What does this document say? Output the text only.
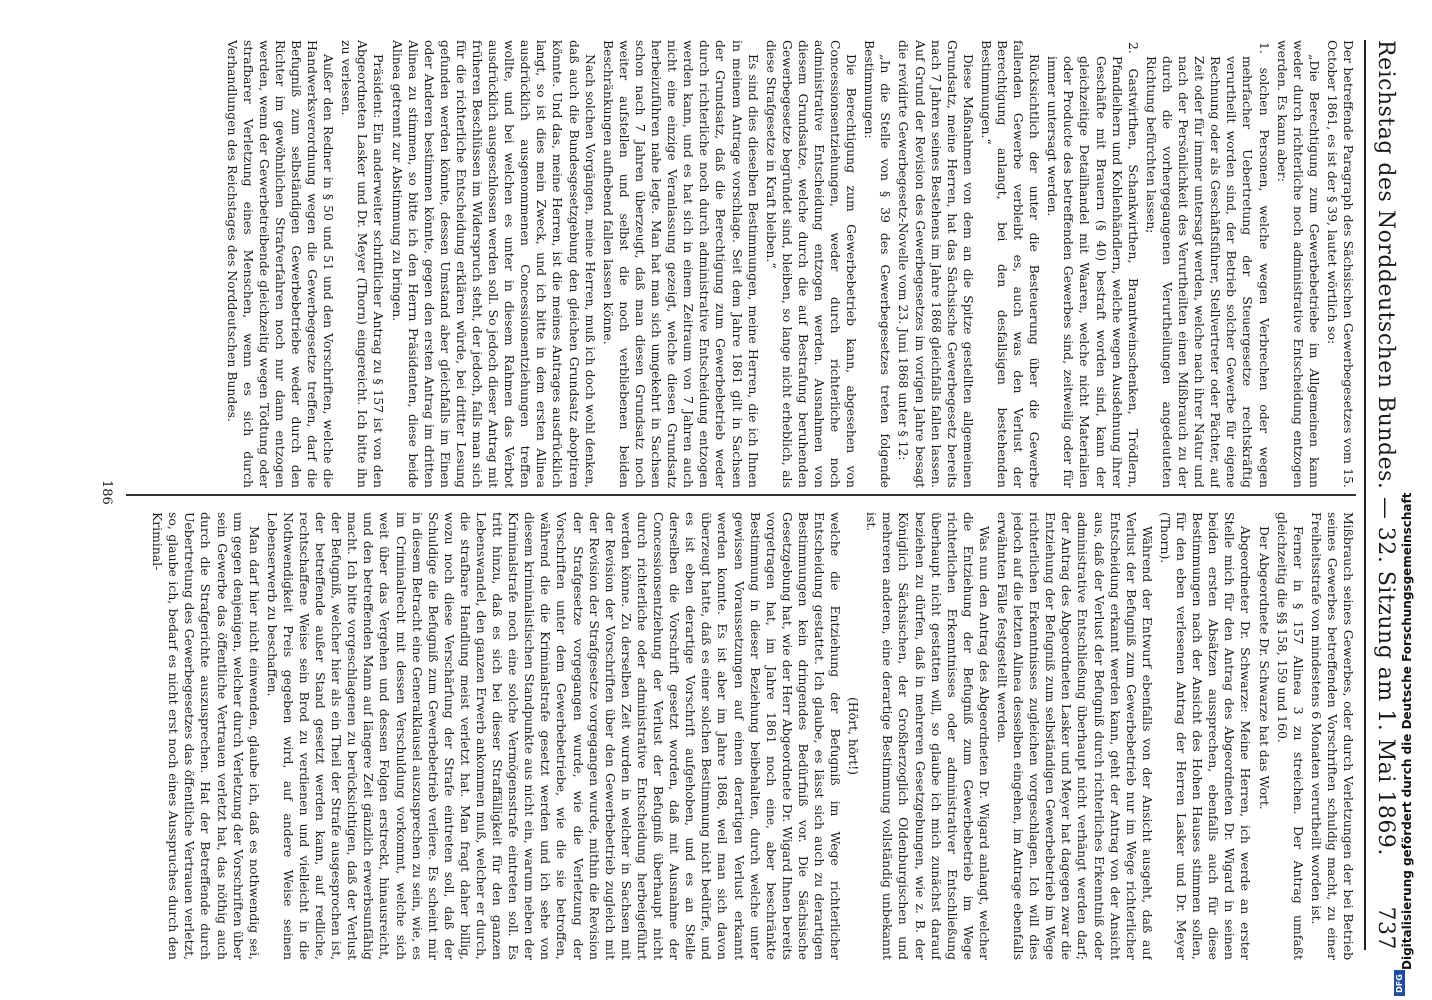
Reichstag des Norddeutschen Bundes. — 32. Sitzung am 1. Mai 1869.
737

Der betreffende Paragraph des Sächsischen Gewerbegesetzes vom 15. October 1861, es ist der § 39, lautet wörtlich so:

„Die Berechtigung zum Gewerbebetriebe im Allgemeinen kann weder durch richterliche noch administrative Entscheidung entzogen werden. Es kann aber:

1. solchen Personen, welche wegen Verbrechen oder wegen mehrfacher Uebertretung der Steuergesetze rechtskräftig verurtheilt worden sind, der Betrieb solcher Gewerbe für eigene Rechnung oder als Geschäftsführer, Stellvertreter oder Pächter, auf Zeit oder für immer untersagt werden, welche nach ihrer Natur und nach der Persönlichkeit des Verurtheilten einen Mißbrauch zu der durch die vorhergegangenen Verurtheilungen angedeuteten Richtung befürchten lassen;

2. Gastwirthen, Schankwirthen, Branntweinschenken, Trödlern, Pfandleihern und Kohlenhändlern, welche wegen Ausdehnung ihrer Geschäfte mit Brauern (§ 40) bestraft worden sind, kann der gleichzeitige Detailhandel mit Waaren, welche nicht Materialien oder Producte des betreffenden Gewerbes sind, zeitweilig oder für immer untersagt werden.

Rücksichtlich der unter die Besteuerung über die Gewerbe fallenden Gewerbe verbleibt es, auch was den Verlust der Berechtigung anlangt, bei den desfallsigen bestehenden Bestimmungen.“

Diese Maßnahmen von dem an die Spitze gestellten allgemeinen Grundsatz, meine Herren, hat das Sächsische Gewerbegesetz bereits nach 7 Jahren seines Bestehens im Jahre 1868 gleichfalls fallen lassen. Auf Grund der Revision des Gewerbegesetzes im vorigen Jahre besagt die revidirte Gewerbegesetz-Novelle vom 23. Juni 1868 unter § 12:

„In die Stelle von § 39 des Gewerbegesetzes treten folgende Bestimmungen:

Die Berechtigung zum Gewerbebetrieb kann, abgesehen von Concessionsentziehungen, weder durch richterliche noch administrative Entscheidung entzogen werden. Ausnahmen von diesem Grundsatze, welche durch die auf Bestrafung beruhenden Gewerbegesetze begründet sind, bleiben, so lange nicht erheblich, als diese Strafgesetze in Kraft bleiben.“

Es sind dies dieselben Bestimmungen, meine Herren, die ich Ihnen in meinem Antrage vorschlage. Seit dem Jahre 1861 gilt in Sachsen der Grundsatz, daß die Berechtigung zum Gewerbebetrieb weder durch richterliche noch durch administrative Entscheidung entzogen werden kann, und es hat sich in einem Zeitraum von 7 Jahren auch nicht eine einzige Veranlassung gezeigt, welche diesen Grundsatz herbeizuführen nahe legte. Man hat man sich umgekehrt in Sachsen schon nach 7 Jahren überzeugt, daß man diesen Grundsatz noch weiter aufstellen und selbst die noch verbliebenen beiden Beschränkungen aufhebend fallen lassen könne.

Nach solchen Vorgängen, meine Herren, muß ich doch wohl denken, daß auch die Bundesgesetzgebung den gleichen Grundsatz aboptiren könnte. Und das, meine Herren, ist die meines Antrages ausdrücklich langt, so ist dies mein Zweck, und ich bitte in dem ersten Alinea ausdrücklich ausgenommenen Concessionsentziehungen treffen wollte, und bei welchen es unter in diesem Rahmen das Verbot ausdrücklich ausgeschlossen werden soll. So jedoch dieser Antrag mit früheren Beschlüssen im Widerspruch steht, der jedoch, falls man sich für die richterliche Entscheidung erklären würde, bei dritter Lesung gefunden werden könnte, dessen Umstand aber gleichfalls im Einen oder Anderen bestimmen könnte, gegen den ersten Antrag im dritten Alinea zu stimmen, so bitte ich den Herrn Präsidenten, diese beide Alinea getrennt zur Abstimmung zu bringen.

Präsident: Ein anderweiter schriftlicher Antrag zu § 157 ist von den Abgeordneten Lasker und Dr. Meyer (Thorn) eingereicht. Ich bitte ihn zu verlesen.

Außer den Redner in § 50 und 51 und den Vorschriften, welche die Handwerksverordnung wegen die Gewerbegesetze treffen, darf die Befugniß zum selbständigen Gewerbebetriebe weder durch den Richter im gewöhnlichen Strafverfahren noch nur dann entzogen werden, wenn der Gewerbetreibende gleichzeitig wegen Tödtung oder strafbarer Verletzung eines Menschen, wenn es sich durch Verhandlungen des Reichstages des Norddeutschen Bundes.

Mißbrauch seines Gewerbes, oder durch Verletzungen der bei Betrieb seines Gewerbes betreffenden Vorschriften schuldig macht, zu einer Freiheitsstrafe von mindestens 6 Monaten verurtheilt worden ist.

Ferner in § 157 Alinea 3 zu streichen. Der Antrag umfaßt gleichzeitig die §§ 158, 159 und 160.

Der Abgeordnete Dr. Schwarze hat das Wort.

Abgeordneter Dr. Schwarze: Meine Herren, ich werde an erster Stelle mich für den Antrag des Abgeordneten Dr. Wigard in seinen beiden ersten Absätzen aussprechen, ebenfalls auch für diese Bestimmungen nach der Ansicht des Hohen Hauses stimmen sollen, für den eben verlesenen Antrag der Herren Lasker und Dr. Meyer (Thorn).

Während der Entwurf ebenfalls von der Ansicht ausgeht, daß auf Verlust der Befugniß zum Gewerbebetrieb nur im Wege richterlicher Entscheidung erkannt werden kann, geht der Antrag von der Ansicht aus, daß der Verlust der Befugniß durch richterliches Erkenntniß oder administrative Entschließung überhaupt nicht verhängt werden darf; der Antrag des Abgeordneten Lasker und Meyer hat dagegen zwar die Entziehung der Befugniß zum selbständigen Gewerbebetrieb im Wege richterlichen Erkenntnisses zugleichen vorgeschlagen. Ich will dies jedoch auf die letzten Alinea desselben eingehen, im Antrage ebenfalls erwähnten Fälle festgestellt werden.

Was nun den Antrag des Abgeordneten Dr. Wigard anlangt, welcher die Entziehung der Befugniß zum Gewerbebetrieb im Wege richterlichen Erkenntnisses oder administrativer Entschließung überhaupt nicht gestatten will, so glaube ich mich zunächst darauf beziehen zu dürfen, daß in mehreren Gesetzgebungen, wie z. B. der Königlich Sächsischen, der Großherzoglich Oldenburgischen und mehreren anderen, eine derartige Bestimmung vollständig unbekannt ist.

(Hört, hört!)

welche die Entziehung der Befugniß im Wege richterlicher Entscheidung gestattet. Ich glaube, es lässt sich auch zu derartigen Bestimmungen kein dringendes Bedürfniß vor. Die Sächsische Gesetzgebung hat, wie der Herr Abgeordnete Dr. Wigard Ihnen bereits vorgetragen hat, im Jahre 1861 noch eine, aber beschränkte Bestimmung in dieser Beziehung beibehalten, durch welche unter gewissen Voraussetzungen auf einen derartigen Verlust erkannt werden konnte. Es ist aber im Jahre 1868, weil man sich davon überzeugt hatte, daß es einer solchen Bestimmung nicht bedürfe, und es ist eben derartige Vorschrift aufgehoben, und es an Stelle derselben die Vorschrift gesetzt worden, daß mit Ausnahme der Concessionsentziehung der Verlust der Befugniß überhaupt nicht durch richterliche oder administrative Entscheidung herbeigeführt werden könne. Zu derselben Zeit wurden in welcher in Sachsen mit der Revision der Vorschriften über den Gewerbebetrieb zugleich mit der Revision der Strafgesetze vorgegangen wurde, mithin die Revision der Strafgesetze vorgegangen wurde, wie die Verletzung der Vorschriften unter dem Gewerbebetriebe, wie die sie betroffen, während die die Kriminalstrafe gesetzt werden und ich sehe von diesem kriminalistischen Standpunkte aus nicht ein, warum neben der Kriminalstrafe noch eine solche Vermögensstrafe eintreten soll. Es tritt hinzu, daß es sich bei dieser Straffälligkeit für den ganzen Lebenswandel, den ganzen Erwerb ankommen muß, welcher er durch, die strafbare Handlung meist verletzt hat. Man fragt daher billig, wozu noch diese Verschärfung der Strafe eintreten soll, daß der Schuldige die Befugniß zum Gewerbebetrieb verliere. Es scheint mir in diesem Betracht eine Generalklausel auszusprechen zu sein, wie, es im Criminalrecht mit dessen Verschuldung vorkommt, welche sich weit über das Vergehen und dessen Folgen erstreckt, hinausreicht, und den betreffenden Mann auf längere Zeit gänzlich erwerbsunfähig macht. Ich bitte vorgeschlagenen zu berücksichtigen, daß der Verlust der Befugniß, welcher hier als ein Theil der Strafe ausgesprochen ist, der betreffende außer Stand gesetzt werden kann, auf redliche, rechtschaffene Weise sein Brod zu verdienen und vielleicht in die Nothwendigkeit Preis gegeben wird, auf andere Weise seinen Lebenserwerb zu beschaffen.

Man darf hier nicht einwenden, glaube ich, daß es nothwendig sei, um gegen denjenigen, welcher durch Verletzung der Vorschriften über sein Gewerbe das öffentliche Vertrauen verletzt hat, das nöthig auch durch die Strafgerichte auszusprechen. Hat der Betreffende durch Uebertretung des Gewerbegesetzes das öffentliche Vertrauen verletzt, so, glaube ich, bedarf es nicht erst noch eines Ausspruches durch den Kriminal-

186
Digitalisierung gefördert durch die Deutsche Forschungsgemeinschaft
DFG
